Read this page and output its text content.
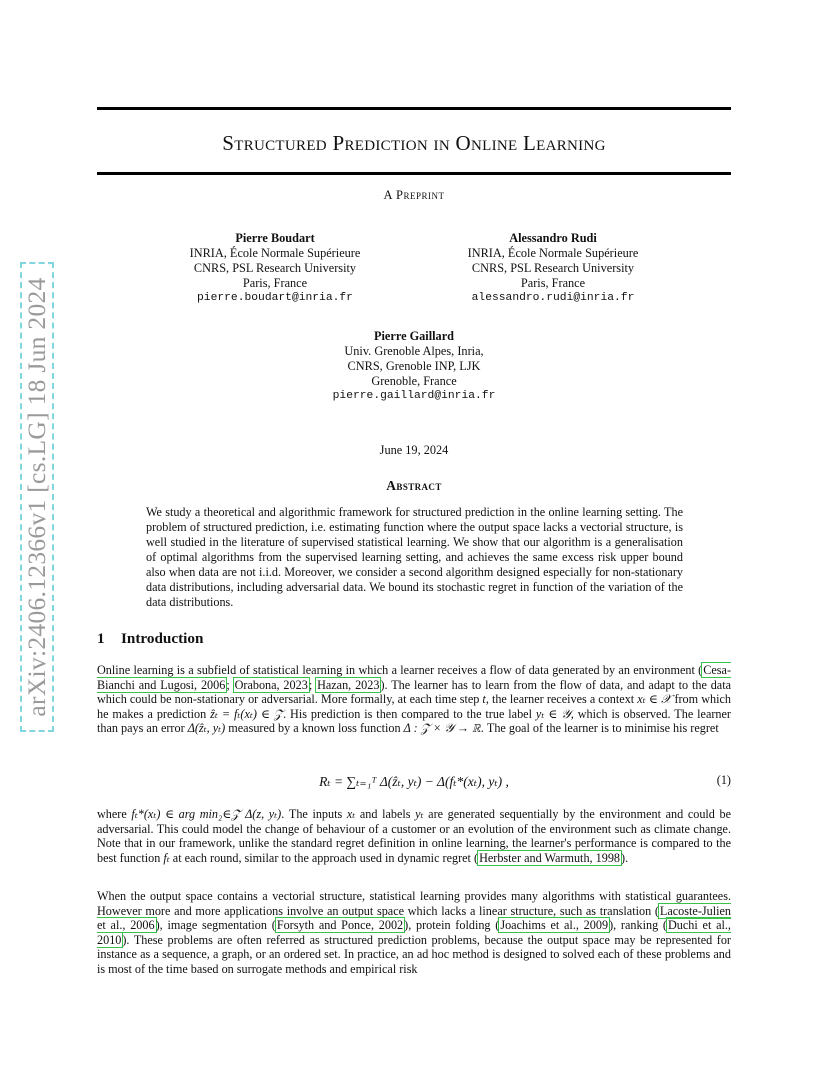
arXiv:2406.12366v1 [cs.LG] 18 Jun 2024
Structured Prediction in Online Learning
A Preprint
Pierre Boudart
INRIA, École Normale Supérieure
CNRS, PSL Research University
Paris, France
pierre.boudart@inria.fr
Alessandro Rudi
INRIA, École Normale Supérieure
CNRS, PSL Research University
Paris, France
alessandro.rudi@inria.fr
Pierre Gaillard
Univ. Grenoble Alpes, Inria,
CNRS, Grenoble INP, LJK
Grenoble, France
pierre.gaillard@inria.fr
June 19, 2024
Abstract
We study a theoretical and algorithmic framework for structured prediction in the online learning setting. The problem of structured prediction, i.e. estimating function where the output space lacks a vectorial structure, is well studied in the literature of supervised statistical learning. We show that our algorithm is a generalisation of optimal algorithms from the supervised learning setting, and achieves the same excess risk upper bound also when data are not i.i.d. Moreover, we consider a second algorithm designed especially for non-stationary data distributions, including adversarial data. We bound its stochastic regret in function of the variation of the data distributions.
1 Introduction
Online learning is a subfield of statistical learning in which a learner receives a flow of data generated by an environment (Cesa-Bianchi and Lugosi, 2006; Orabona, 2023; Hazan, 2023). The learner has to learn from the flow of data, and adapt to the data which could be non-stationary or adversarial. More formally, at each time step t, the learner receives a context xₜ ∈ 𝒳 from which he makes a prediction ẑₜ = fₜ(xₜ) ∈ 𝒵. His prediction is then compared to the true label yₜ ∈ 𝒴, which is observed. The learner than pays an error Δ(ẑₜ, yₜ) measured by a known loss function Δ : 𝒵 × 𝒴 → ℝ. The goal of the learner is to minimise his regret
Rₜ = ∑ₜ₌₁ᵀ Δ(ẑₜ, yₜ) − Δ(fₜ*(xₜ), yₜ) ,	(1)
where fₜ*(xₜ) ∈ arg min₂∈𝒵 Δ(z, yₜ). The inputs xₜ and labels yₜ are generated sequentially by the environment and could be adversarial. This could model the change of behaviour of a customer or an evolution of the environment such as climate change. Note that in our framework, unlike the standard regret definition in online learning, the learner's performance is compared to the best function fₜ at each round, similar to the approach used in dynamic regret (Herbster and Warmuth, 1998).
When the output space contains a vectorial structure, statistical learning provides many algorithms with statistical guarantees. However more and more applications involve an output space which lacks a linear structure, such as translation (Lacoste-Julien et al., 2006), image segmentation (Forsyth and Ponce, 2002), protein folding (Joachims et al., 2009), ranking (Duchi et al., 2010). These problems are often referred as structured prediction problems, because the output space may be represented for instance as a sequence, a graph, or an ordered set. In practice, an ad hoc method is designed to solved each of these problems and is most of the time based on surrogate methods and empirical risk
